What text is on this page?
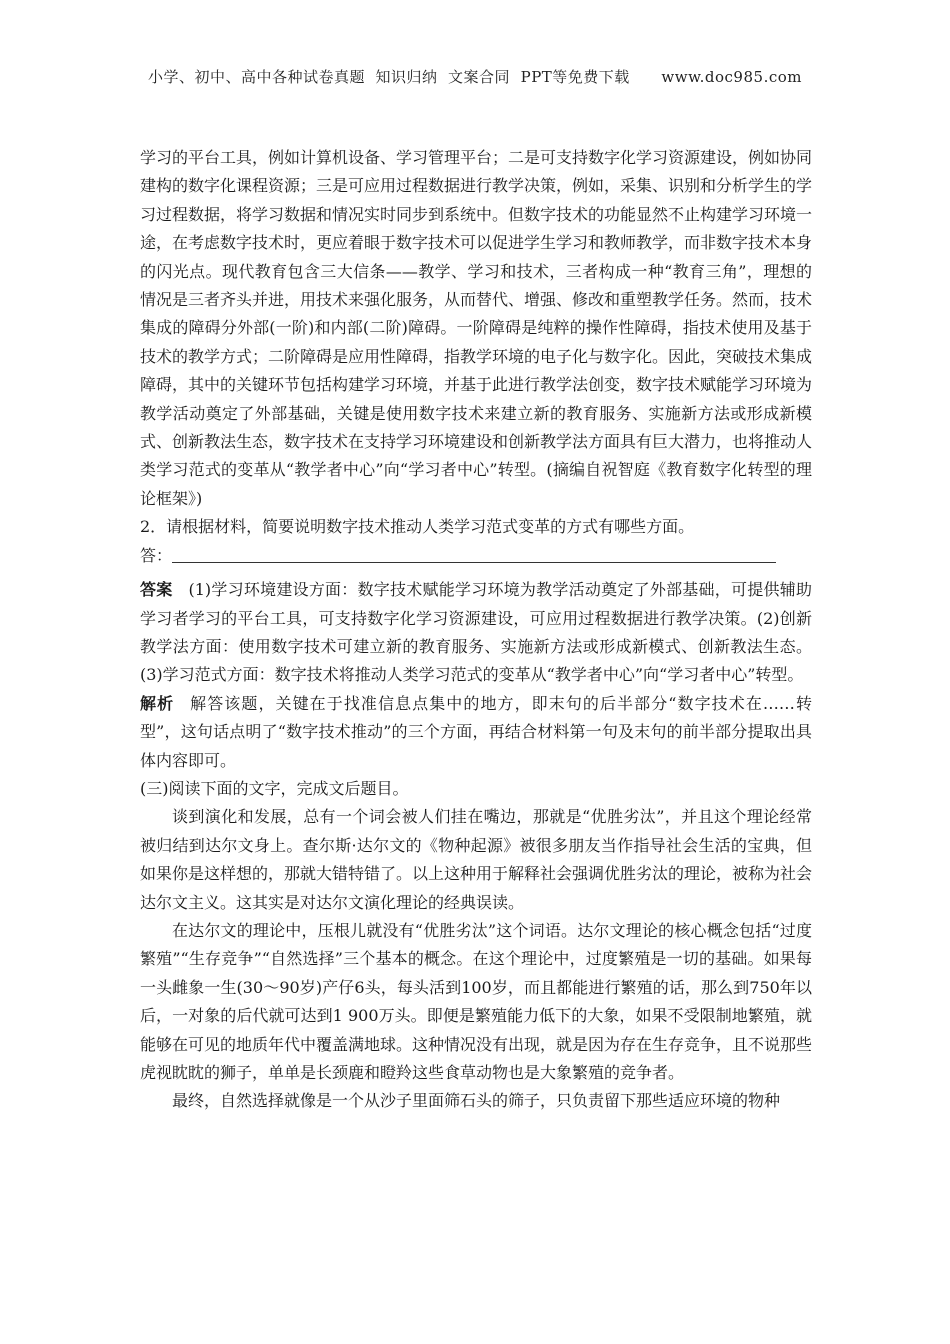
小学、初中、高中各种试卷真题  知识归纳  文案合同  PPT等免费下载      www.doc985.com

学习的平台工具，例如计算机设备、学习管理平台；二是可支持数字化学习资源建设，例如协同建构的数字化课程资源；三是可应用过程数据进行教学决策，例如，采集、识别和分析学生的学习过程数据，将学习数据和情况实时同步到系统中。但数字技术的功能显然不止构建学习环境一途，在考虑数字技术时，更应着眼于数字技术可以促进学生学习和教师教学，而非数字技术本身的闪光点。现代教育包含三大信条——教学、学习和技术，三者构成一种“教育三角”，理想的情况是三者齐头并进，用技术来强化服务，从而替代、增强、修改和重塑教学任务。然而，技术集成的障碍分外部(一阶)和内部(二阶)障碍。一阶障碍是纯粹的操作性障碍，指技术使用及基于技术的教学方式；二阶障碍是应用性障碍，指教学环境的电子化与数字化。因此，突破技术集成障碍，其中的关键环节包括构建学习环境，并基于此进行教学法创变，数字技术赋能学习环境为教学活动奠定了外部基础，关键是使用数字技术来建立新的教育服务、实施新方法或形成新模式、创新教法生态，数字技术在支持学习环境建设和创新教学法方面具有巨大潜力，也将推动人类学习范式的变革从“教学者中心”向“学习者中心”转型。(摘编自祝智庭《教育数字化转型的理论框架》)

2．请根据材料，简要说明数字技术推动人类学习范式变革的方式有哪些方面。

答：

答案 (1)学习环境建设方面：数字技术赋能学习环境为教学活动奠定了外部基础，可提供辅助学习者学习的平台工具，可支持数字化学习资源建设，可应用过程数据进行教学决策。(2)创新教学法方面：使用数字技术可建立新的教育服务、实施新方法或形成新模式、创新教法生态。(3)学习范式方面：数字技术将推动人类学习范式的变革从“教学者中心”向“学习者中心”转型。

解析 解答该题，关键在于找准信息点集中的地方，即末句的后半部分“数字技术在……转型”，这句话点明了“数字技术推动”的三个方面，再结合材料第一句及末句的前半部分提取出具体内容即可。

(三)阅读下面的文字，完成文后题目。

谈到演化和发展，总有一个词会被人们挂在嘴边，那就是“优胜劣汰”，并且这个理论经常被归结到达尔文身上。查尔斯·达尔文的《物种起源》被很多朋友当作指导社会生活的宝典，但如果你是这样想的，那就大错特错了。以上这种用于解释社会强调优胜劣汰的理论，被称为社会达尔文主义。这其实是对达尔文演化理论的经典误读。

在达尔文的理论中，压根儿就没有“优胜劣汰”这个词语。达尔文理论的核心概念包括“过度繁殖”“生存竞争”“自然选择”三个基本的概念。在这个理论中，过度繁殖是一切的基础。如果每一头雌象一生(30～90岁)产仔6头，每头活到100岁，而且都能进行繁殖的话，那么到750年以后，一对象的后代就可达到1 900万头。即便是繁殖能力低下的大象，如果不受限制地繁殖，就能够在可见的地质年代中覆盖满地球。这种情况没有出现，就是因为存在生存竞争，且不说那些虎视眈眈的狮子，单单是长颈鹿和瞪羚这些食草动物也是大象繁殖的竞争者。

最终，自然选择就像是一个从沙子里面筛石头的筛子，只负责留下那些适应环境的物种
